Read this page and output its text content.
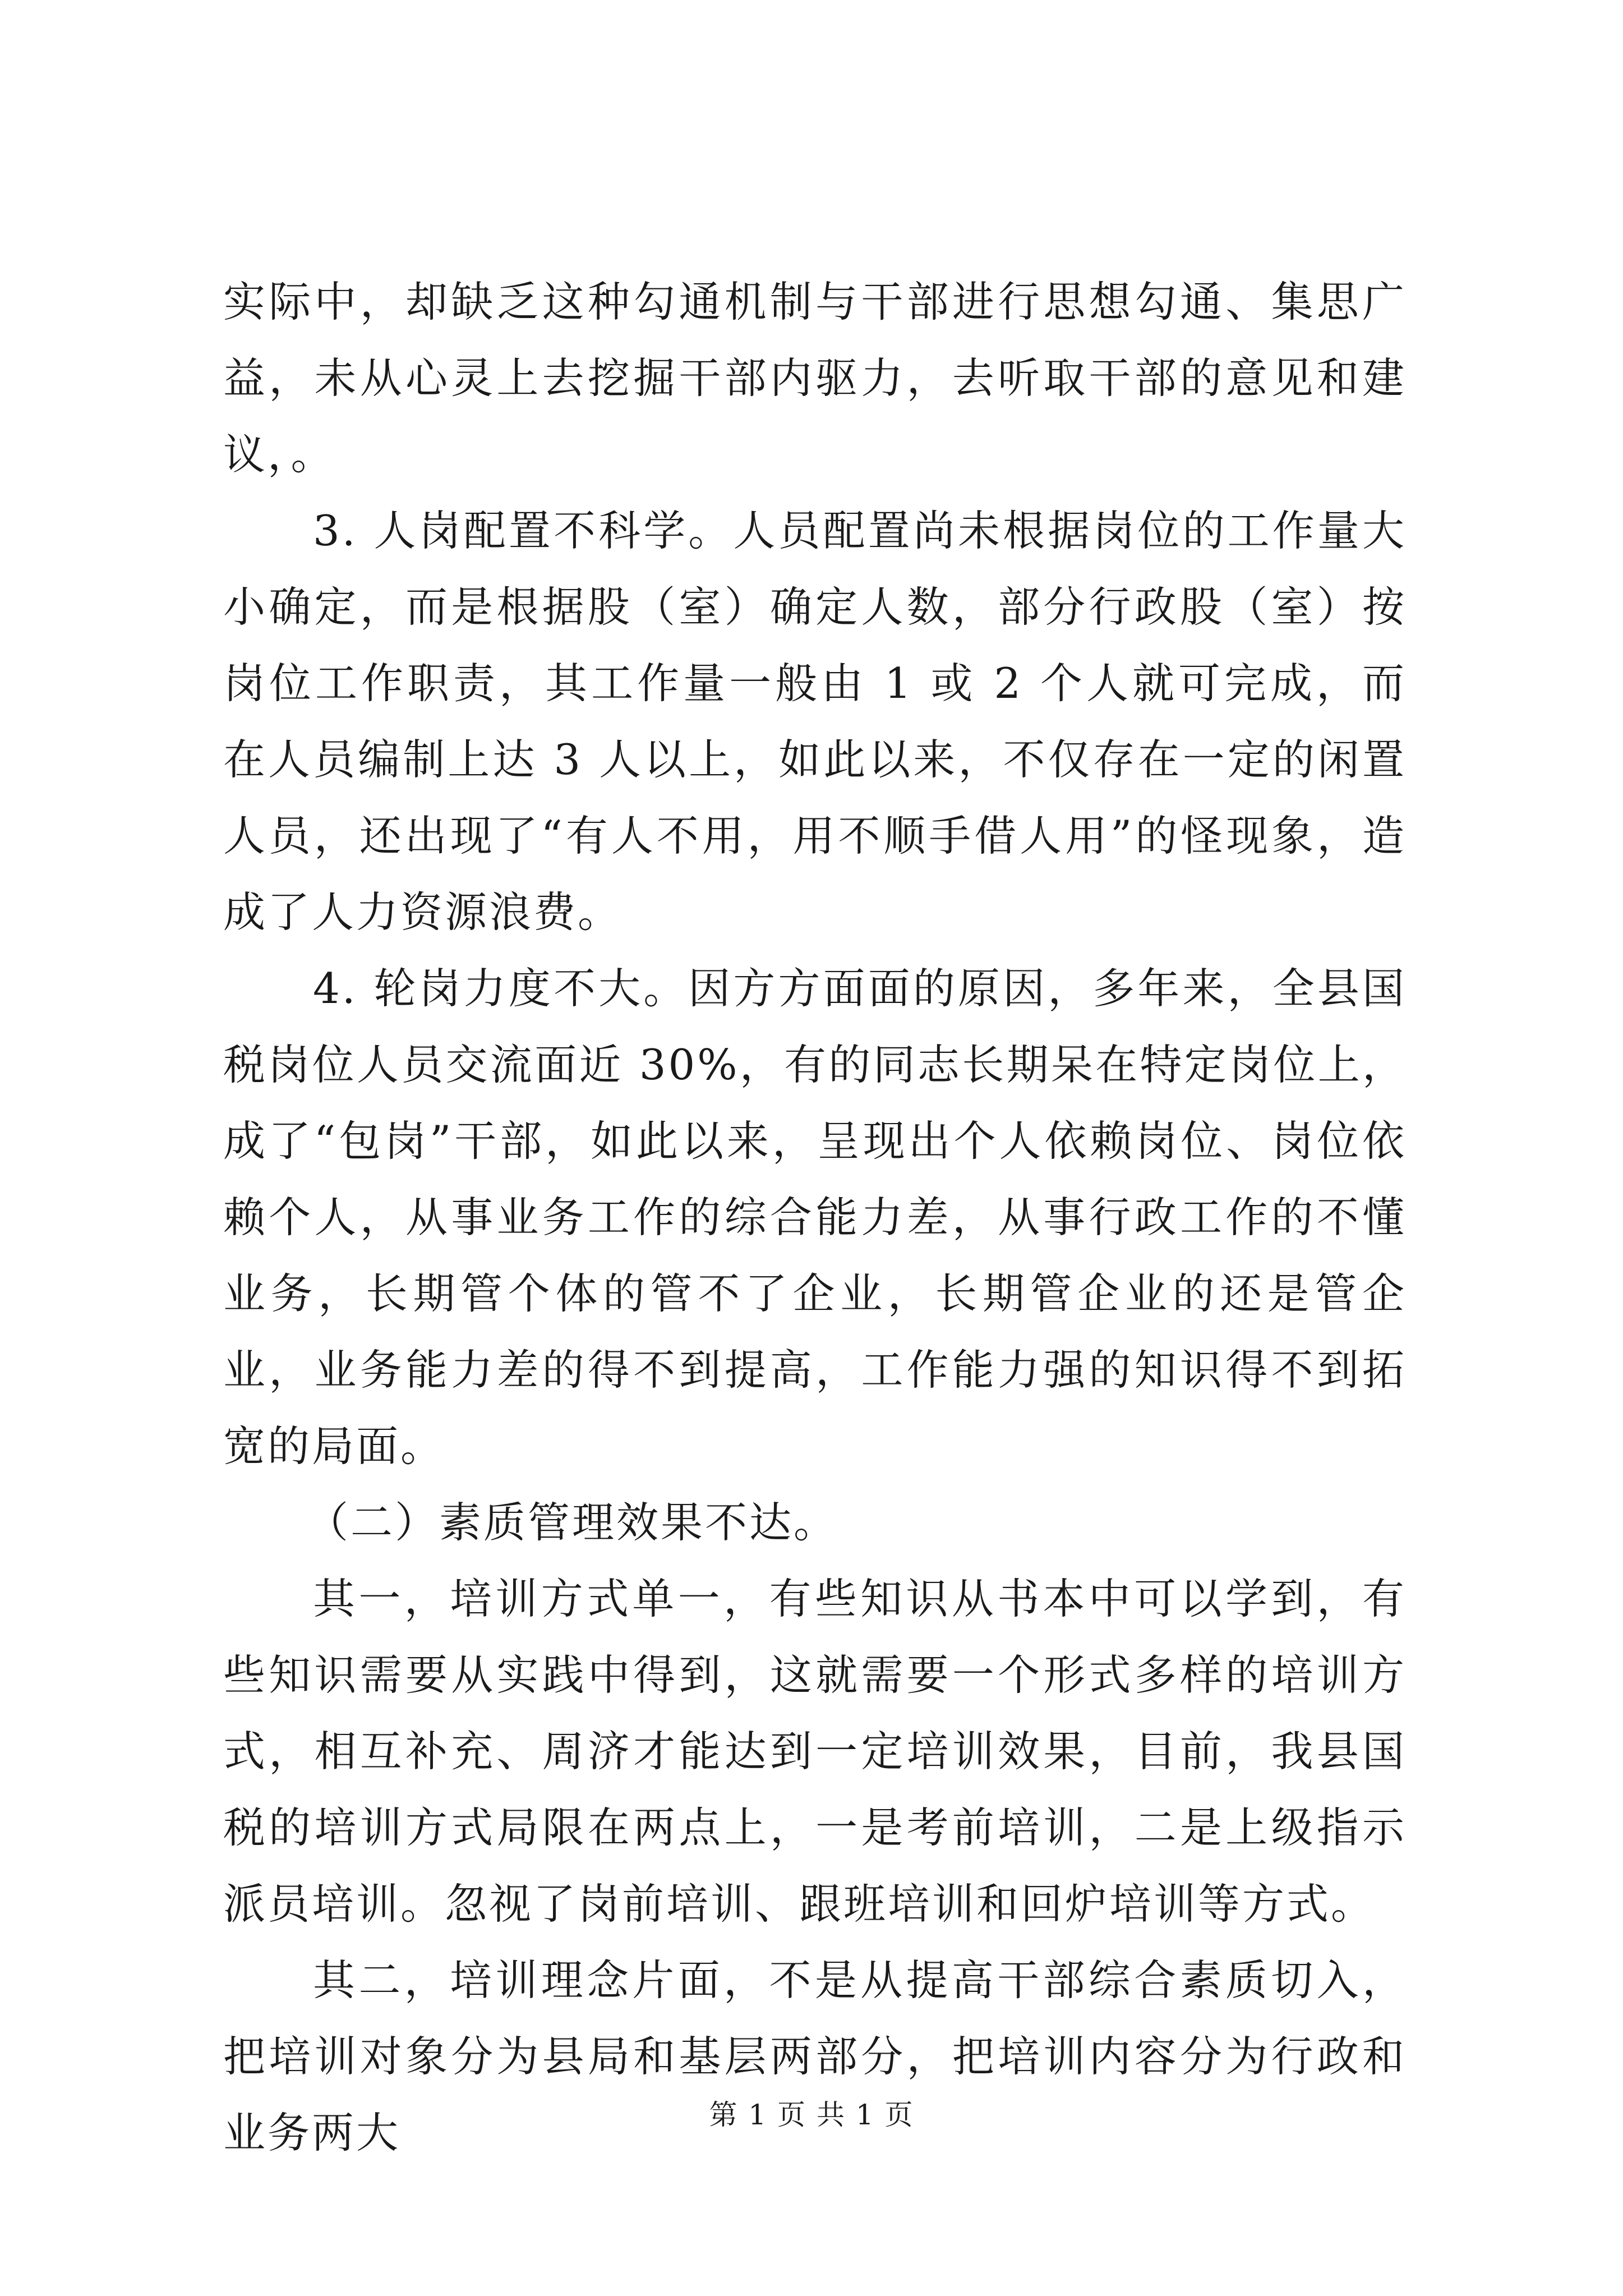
实际中，却缺乏这种勾通机制与干部进行思想勾通、集思广益，未从心灵上去挖掘干部内驱力，去听取干部的意见和建议，。

3. 人岗配置不科学。人员配置尚未根据岗位的工作量大小确定，而是根据股（室）确定人数，部分行政股（室）按岗位工作职责，其工作量一般由 1 或 2 个人就可完成，而在人员编制上达 3 人以上，如此以来，不仅存在一定的闲置人员，还出现了“有人不用，用不顺手借人用”的怪现象，造成了人力资源浪费。

4. 轮岗力度不大。因方方面面的原因，多年来，全县国税岗位人员交流面近 30%，有的同志长期呆在特定岗位上，成了“包岗”干部，如此以来，呈现出个人依赖岗位、岗位依赖个人，从事业务工作的综合能力差，从事行政工作的不懂业务，长期管个体的管不了企业，长期管企业的还是管企业，业务能力差的得不到提高，工作能力强的知识得不到拓宽的局面。

（二）素质管理效果不达。

其一，培训方式单一，有些知识从书本中可以学到，有些知识需要从实践中得到，这就需要一个形式多样的培训方式，相互补充、周济才能达到一定培训效果，目前，我县国税的培训方式局限在两点上，一是考前培训，二是上级指示派员培训。忽视了岗前培训、跟班培训和回炉培训等方式。

其二，培训理念片面，不是从提高干部综合素质切入，把培训对象分为县局和基层两部分，把培训内容分为行政和业务两大	第 1 页 共 1 页
